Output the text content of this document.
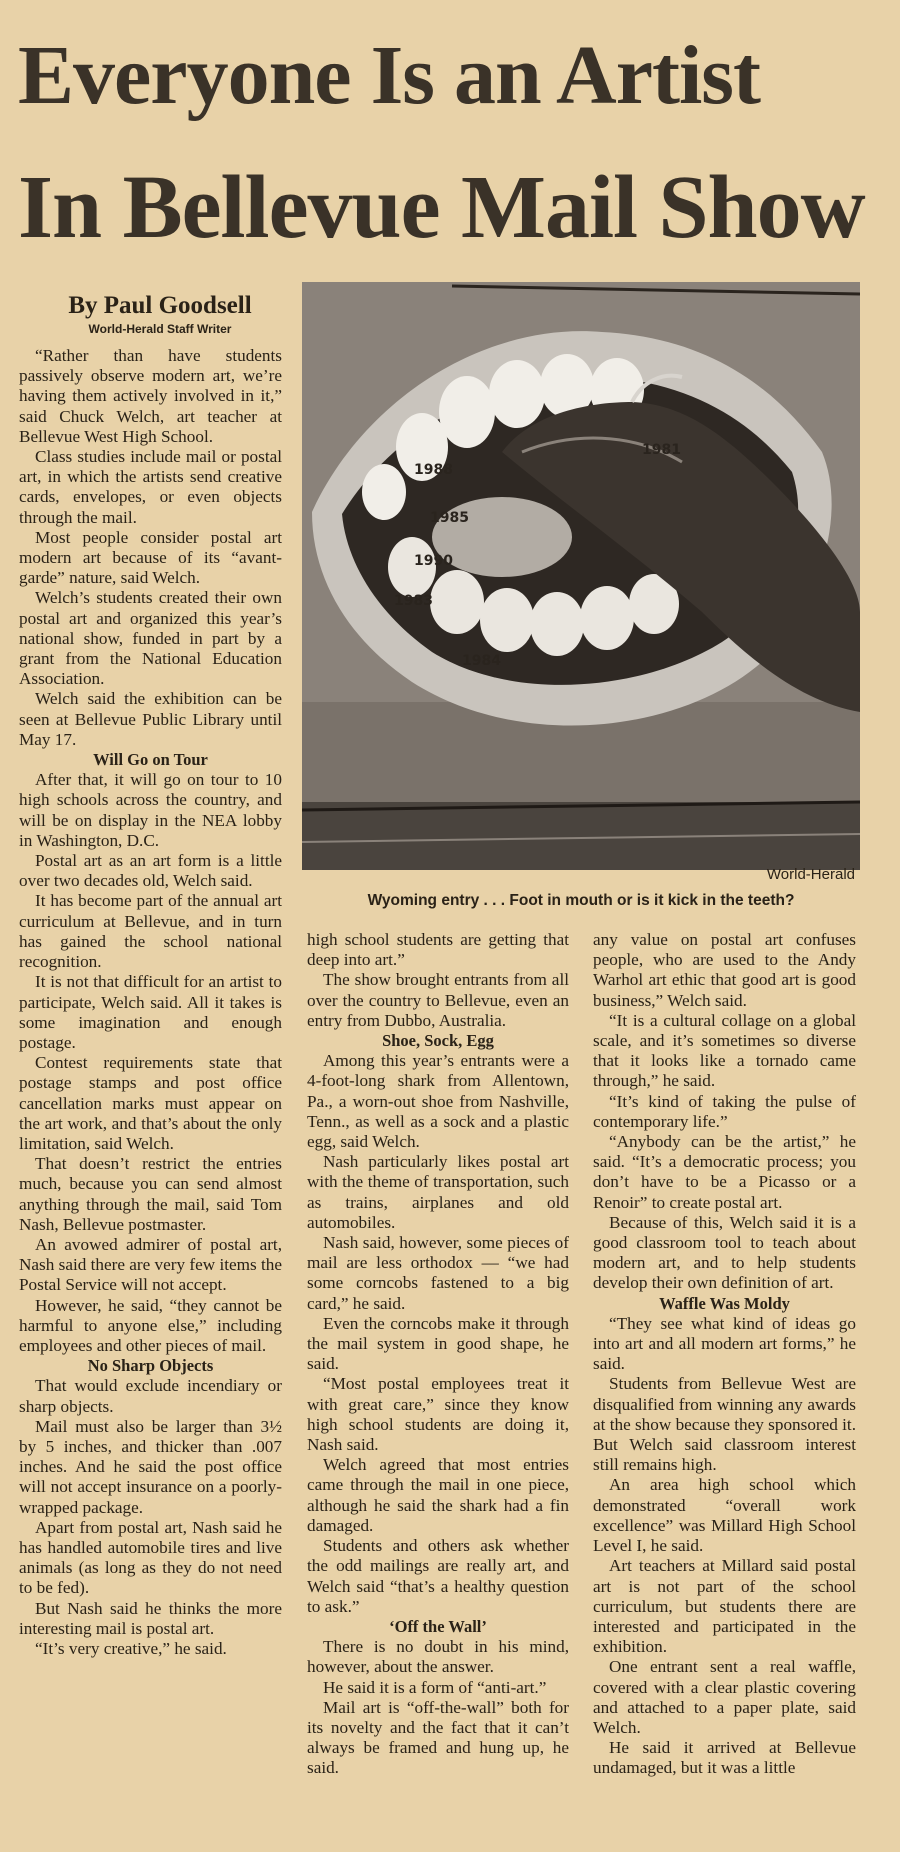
Everyone Is an Artist
In Bellevue Mail Show
By Paul Goodsell
World-Herald Staff Writer

“Rather than have students passively observe modern art, we’re having them actively involved in it,” said Chuck Welch, art teacher at Bellevue West High School.

Class studies include mail or postal art, in which the artists send creative cards, envelopes, or even objects through the mail.

Most people consider postal art modern art because of its “avant-garde” nature, said Welch.

Welch’s students created their own postal art and organized this year’s national show, funded in part by a grant from the National Education Association.

Welch said the exhibition can be seen at Bellevue Public Library until May 17.

Will Go on Tour

After that, it will go on tour to 10 high schools across the country, and will be on display in the NEA lobby in Washington, D.C.

Postal art as an art form is a little over two decades old, Welch said.

It has become part of the annual art curriculum at Bellevue, and in turn has gained the school national recognition.

It is not that difficult for an artist to participate, Welch said. All it takes is some imagination and enough postage.

Contest requirements state that postage stamps and post office cancellation marks must appear on the art work, and that’s about the only limitation, said Welch.

That doesn’t restrict the entries much, because you can send almost anything through the mail, said Tom Nash, Bellevue postmaster.

An avowed admirer of postal art, Nash said there are very few items the Postal Service will not accept.

However, he said, “they cannot be harmful to anyone else,” including employees and other pieces of mail.

No Sharp Objects

That would exclude incendiary or sharp objects.

Mail must also be larger than 3½ by 5 inches, and thicker than .007 inches. And he said the post office will not accept insurance on a poorly-wrapped package.

Apart from postal art, Nash said he has handled automobile tires and live animals (as long as they do not need to be fed).

But Nash said he thinks the more interesting mail is postal art.

“It’s very creative,” he said.

1988
1985
1990
1983
1984
1981
World-Herald
Wyoming entry . . . Foot in mouth or is it kick in the teeth?

high school students are getting that deep into art.”

The show brought entrants from all over the country to Bellevue, even an entry from Dubbo, Australia.

Shoe, Sock, Egg

Among this year’s entrants were a 4-foot-long shark from Allentown, Pa., a worn-out shoe from Nashville, Tenn., as well as a sock and a plastic egg, said Welch.

Nash particularly likes postal art with the theme of transportation, such as trains, airplanes and old automobiles.

Nash said, however, some pieces of mail are less orthodox — “we had some corncobs fastened to a big card,” he said.

Even the corncobs make it through the mail system in good shape, he said.

“Most postal employees treat it with great care,” since they know high school students are doing it, Nash said.

Welch agreed that most entries came through the mail in one piece, although he said the shark had a fin damaged.

Students and others ask whether the odd mailings are really art, and Welch said “that’s a healthy question to ask.”

‘Off the Wall’

There is no doubt in his mind, however, about the answer.

He said it is a form of “anti-art.”

Mail art is “off-the-wall” both for its novelty and the fact that it can’t always be framed and hung up, he said.

any value on postal art confuses people, who are used to the Andy Warhol art ethic that good art is good business,” Welch said.

“It is a cultural collage on a global scale, and it’s sometimes so diverse that it looks like a tornado came through,” he said.

“It’s kind of taking the pulse of contemporary life.”

“Anybody can be the artist,” he said. “It’s a democratic process; you don’t have to be a Picasso or a Renoir” to create postal art.

Because of this, Welch said it is a good classroom tool to teach about modern art, and to help students develop their own definition of art.

Waffle Was Moldy

“They see what kind of ideas go into art and all modern art forms,” he said.

Students from Bellevue West are disqualified from winning any awards at the show because they sponsored it. But Welch said classroom interest still remains high.

An area high school which demonstrated “overall work excellence” was Millard High School Level I, he said.

Art teachers at Millard said postal art is not part of the school curriculum, but students there are interested and participated in the exhibition.

One entrant sent a real waffle, covered with a clear plastic covering and attached to a paper plate, said Welch.

He said it arrived at Bellevue undamaged, but it was a little
